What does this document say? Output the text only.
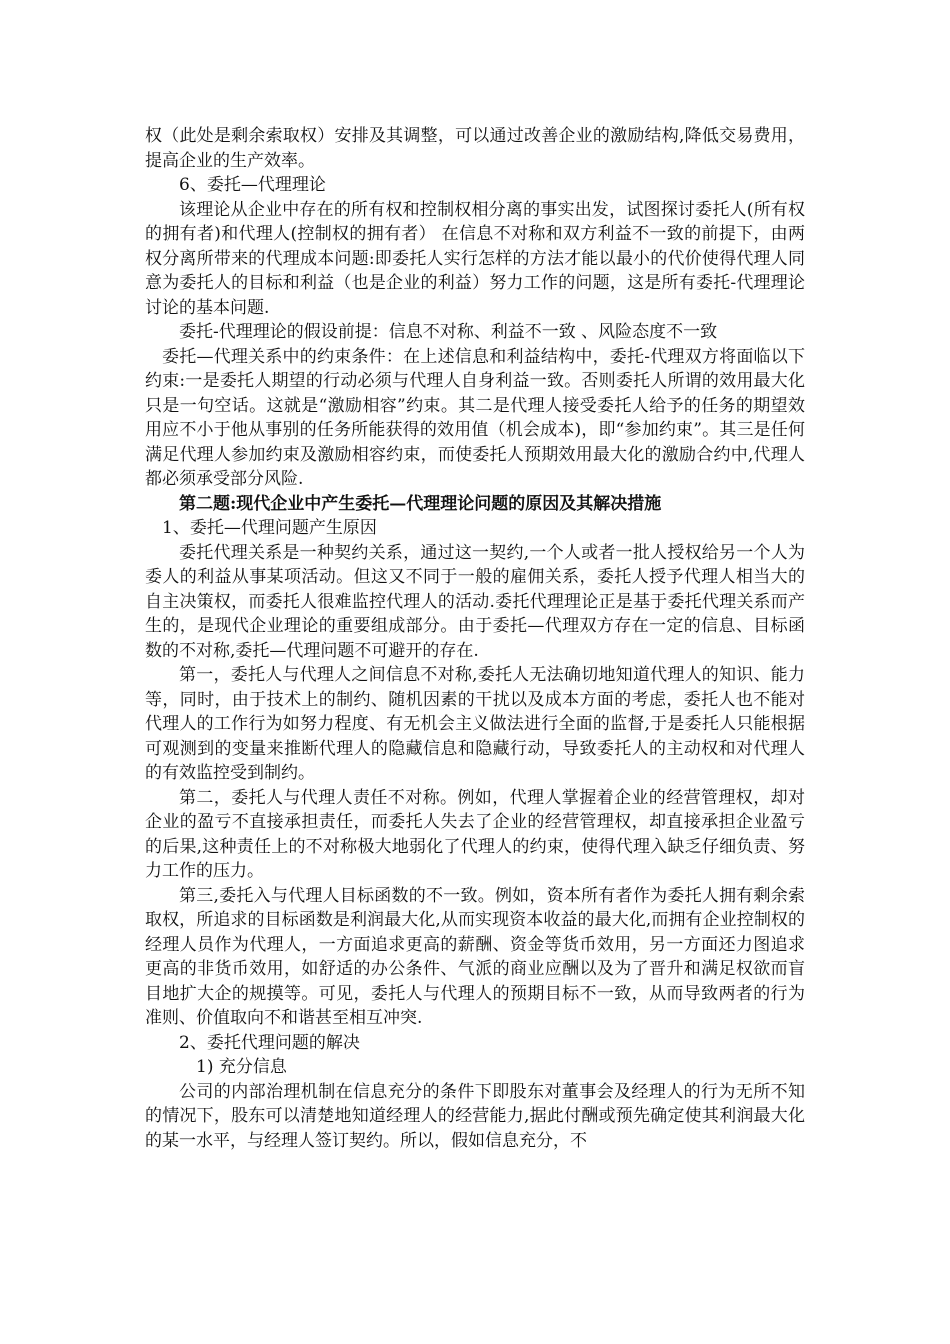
权（此处是剩余索取权）安排及其调整，可以通过改善企业的激励结构,降低交易费用，提高企业的生产效率。

6、委托—代理理论

该理论从企业中存在的所有权和控制权相分离的事实出发，试图探讨委托人(所有权的拥有者)和代理人(控制权的拥有者） 在信息不对称和双方利益不一致的前提下，由两权分离所带来的代理成本问题:即委托人实行怎样的方法才能以最小的代价使得代理人同意为委托人的目标和利益（也是企业的利益）努力工作的问题，这是所有委托-代理理论讨论的基本问题.

委托-代理理论的假设前提：信息不对称、利益不一致 、风险态度不一致

委托—代理关系中的约束条件：在上述信息和利益结构中，委托-代理双方将面临以下约束:一是委托人期望的行动必须与代理人自身利益一致。否则委托人所谓的效用最大化只是一句空话。这就是“激励相容”约束。其二是代理人接受委托人给予的任务的期望效用应不小于他从事别的任务所能获得的效用值（机会成本)，即“参加约束”。其三是任何满足代理人参加约束及激励相容约束，而使委托人预期效用最大化的激励合约中,代理人都必须承受部分风险.

第二题:现代企业中产生委托—代理理论问题的原因及其解决措施

1、委托—代理问题产生原因

委托代理关系是一种契约关系，通过这一契约,一个人或者一批人授权给另一个人为委人的利益从事某项活动。但这又不同于一般的雇佣关系，委托人授予代理人相当大的自主决策权，而委托人很难监控代理人的活动.委托代理理论正是基于委托代理关系而产生的，是现代企业理论的重要组成部分。由于委托—代理双方存在一定的信息、目标函数的不对称,委托—代理问题不可避开的存在.

第一，委托人与代理人之间信息不对称,委托人无法确切地知道代理人的知识、能力等，同时，由于技术上的制约、随机因素的干扰以及成本方面的考虑，委托人也不能对代理人的工作行为如努力程度、有无机会主义做法进行全面的监督,于是委托人只能根据可观测到的变量来推断代理人的隐藏信息和隐藏行动，导致委托人的主动权和对代理人的有效监控受到制约。

第二，委托人与代理人责任不对称。例如，代理人掌握着企业的经营管理权，却对企业的盈亏不直接承担责任，而委托人失去了企业的经营管理权，却直接承担企业盈亏的后果,这种责任上的不对称极大地弱化了代理人的约束，使得代理入缺乏仔细负责、努力工作的压力。

第三,委托入与代理人目标函数的不一致。例如，资本所有者作为委托人拥有剩余索取权，所追求的目标函数是利润最大化,从而实现资本收益的最大化,而拥有企业控制权的经理人员作为代理人，一方面追求更高的薪酬、资金等货币效用，另一方面还力图追求更高的非货币效用，如舒适的办公条件、气派的商业应酬以及为了晋升和满足权欲而盲目地扩大企的规摸等。可见，委托人与代理人的预期目标不一致，从而导致两者的行为准则、价值取向不和谐甚至相互冲突.

2、委托代理问题的解决

1) 充分信息

公司的内部治理机制在信息充分的条件下即股东对董事会及经理人的行为无所不知的情况下，股东可以清楚地知道经理人的经营能力,据此付酬或预先确定使其利润最大化的某一水平，与经理人签订契约。所以，假如信息充分，不
